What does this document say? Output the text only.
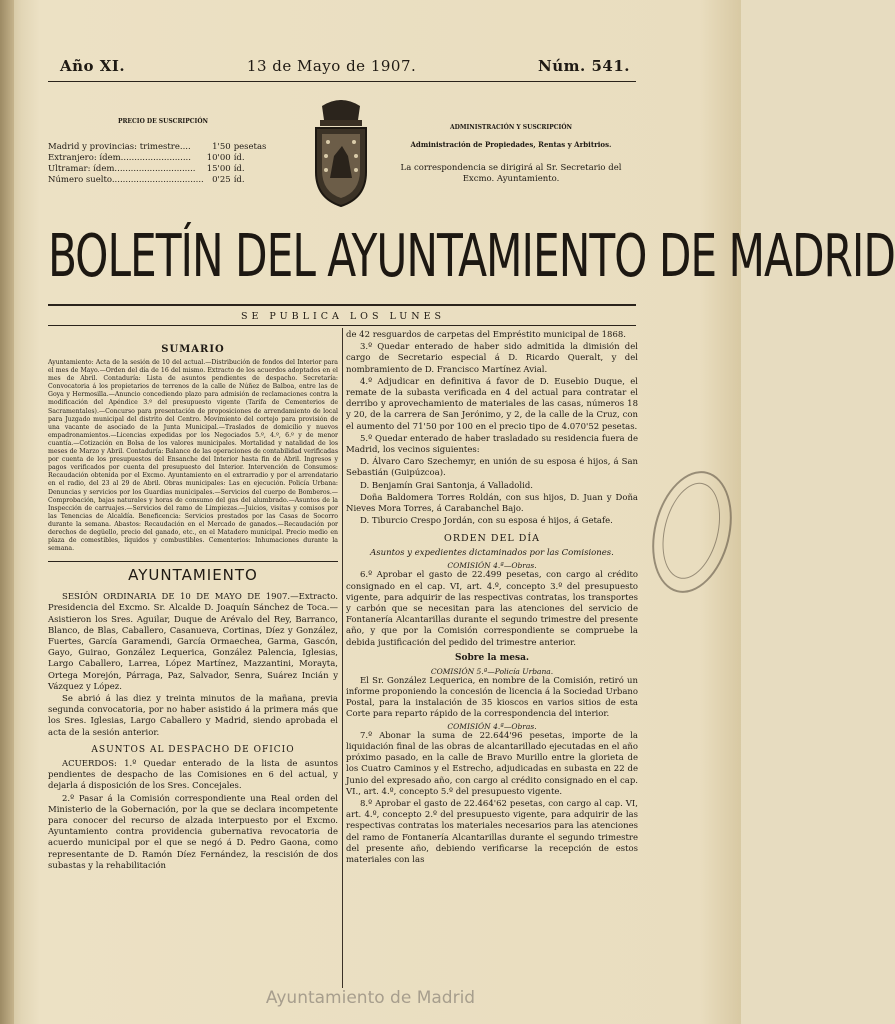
Año XI.	13 de Mayo de 1907.	Núm. 541.
PRECIO DE SUSCRIPCIÓN
Madrid y provincias: trimestre....	1'50	pesetas
Extranjero: ídem..........................	10'00	íd.
Ultramar: ídem..............................	15'00	íd.
Número suelto..................................	0'25	íd.
ADMINISTRACIÓN Y SUSCRIPCIÓN
Administración de Propiedades, Rentas y Arbitrios.
La correspondencia se dirigirá al Sr. Secretario del Excmo. Ayuntamiento.
BOLETÍN DEL AYUNTAMIENTO DE MADRID
SE PUBLICA LOS LUNES
SUMARIO

Ayuntamiento: Acta de la sesión de 10 del actual.—Distribución de fondos del Interior para el mes de Mayo.—Orden del día de 16 del mismo. Extracto de los acuerdos adoptados en el mes de Abril. Contaduría: Lista de asuntos pendientes de despacho. Secretaría: Convocatoria á los propietarios de terrenos de la calle de Núñez de Balboa, entre las de Goya y Hermosilla.—Anuncio concediendo plazo para admisión de reclamaciones contra la modificación del Apéndice 3.º del presupuesto vigente (Tarifa de Cementerios de Sacramentales).—Concurso para presentación de proposiciones de arrendamiento de local para Juzgado municipal del distrito del Centro. Movimiento del cortejo para provisión de una vacante de asociado de la Junta Municipal.—Traslados de domicilio y nuevos empadronamientos.—Licencias expedidas por los Negociados 5.º, 4.º, 6.º y de menor cuantía.—Cotización en Bolsa de los valores municipales. Mortalidad y natalidad de los meses de Marzo y Abril. Contaduría: Balance de las operaciones de contabilidad verificadas por cuenta de los presupuestos del Ensanche del Interior hasta fin de Abril. Ingresos y pagos verificados por cuenta del presupuesto del Interior. Intervención de Consumos: Recaudación obtenida por el Excmo. Ayuntamiento en el extrarradio y por el arrendatario en el radio, del 23 al 29 de Abril. Obras municipales: Las en ejecución. Policía Urbana: Denuncias y servicios por los Guardias municipales.—Servicios del cuerpo de Bomberos.—Comprobación, bajas naturales y horas de consumo del gas del alumbrado.—Asuntos de la Inspección de carruajes.—Servicios del ramo de Limpiezas.—Juicios, visitas y comisos por las Tenencias de Alcaldía. Beneficencia: Servicios prestados por las Casas de Socorro durante la semana. Abastos: Recaudación en el Mercado de ganados.—Recaudación por derechos de degüello, precio del ganado, etc., en el Matadero municipal. Precio medio en plaza de comestibles, líquidos y combustibles. Cementerios: Inhumaciones durante la semana.

AYUNTAMIENTO

SESIÓN ORDINARIA DE 10 DE MAYO DE 1907.—Extracto. Presidencia del Excmo. Sr. Alcalde D. Joaquín Sánchez de Toca.—Asistieron los Sres. Aguilar, Duque de Arévalo del Rey, Barranco, Blanco, de Blas, Caballero, Casanueva, Cortinas, Díez y González, Fuertes, García Garamendi, García Ormaechea, Garma, Gascón, Gayo, Guirao, González Lequerica, González Palencia, Iglesias, Largo Caballero, Larrea, López Martínez, Mazzantini, Morayta, Ortega Morejón, Párraga, Paz, Salvador, Senra, Suárez Incián y Vázquez y López.

Se abrió á las diez y treinta minutos de la mañana, previa segunda convocatoria, por no haber asistido á la primera más que los Sres. Iglesias, Largo Caballero y Madrid, siendo aprobada el acta de la sesión anterior.

ASUNTOS AL DESPACHO DE OFICIO

ACUERDOS: 1.º Quedar enterado de la lista de asuntos pendientes de despacho de las Comisiones en 6 del actual, y dejarla á disposición de los Sres. Concejales.

2.º Pasar á la Comisión correspondiente una Real orden del Ministerio de la Gobernación, por la que se declara incompetente para conocer del recurso de alzada interpuesto por el Excmo. Ayuntamiento contra providencia gubernativa revocatoria de acuerdo municipal por el que se negó á D. Pedro Gaona, como representante de D. Ramón Díez Fernández, la rescisión de dos subastas y la rehabilitación

de 42 resguardos de carpetas del Empréstito municipal de 1868.

3.º Quedar enterado de haber sido admitida la dimisión del cargo de Secretario especial á D. Ricardo Queralt, y del nombramiento de D. Francisco Martínez Avial.

4.º Adjudicar en definitiva á favor de D. Eusebio Duque, el remate de la subasta verificada en 4 del actual para contratar el derribo y aprovechamiento de materiales de las casas, números 18 y 20, de la carrera de San Jerónimo, y 2, de la calle de la Cruz, con el aumento del 71'50 por 100 en el precio tipo de 4.070'52 pesetas.

5.º Quedar enterado de haber trasladado su residencia fuera de Madrid, los vecinos siguientes:

D. Álvaro Caro Szechemyr, en unión de su esposa é hijos, á San Sebastián (Guipúzcoa).

D. Benjamín Grai Santonja, á Valladolid.

Doña Baldomera Torres Roldán, con sus hijos, D. Juan y Doña Nieves Mora Torres, á Carabanchel Bajo.

D. Tiburcio Crespo Jordán, con su esposa é hijos, á Getafe.

ORDEN DEL DÍA
Asuntos y expedientes dictaminados por las Comisiones.
COMISIÓN 4.ª—Obras.

6.º Aprobar el gasto de 22.499 pesetas, con cargo al crédito consignado en el cap. VI, art. 4.º, concepto 3.º del presupuesto vigente, para adquirir de las respectivas contratas, los transportes y carbón que se necesitan para las atenciones del servicio de Fontanería Alcantarillas durante el segundo trimestre del presente año, y que por la Comisión correspondiente se compruebe la debida justificación del pedido del trimestre anterior.

Sobre la mesa.
COMISIÓN 5.ª—Policía Urbana.

El Sr. González Lequerica, en nombre de la Comisión, retiró un informe proponiendo la concesión de licencia á la Sociedad Urbano Postal, para la instalación de 35 kioscos en varios sitios de esta Corte para reparto rápido de la correspondencia del interior.

COMISIÓN 4.ª—Obras.

7.º Abonar la suma de 22.644'96 pesetas, importe de la liquidación final de las obras de alcantarillado ejecutadas en el año próximo pasado, en la calle de Bravo Murillo entre la glorieta de los Cuatro Caminos y el Estrecho, adjudicadas en subasta en 22 de Junio del expresado año, con cargo al crédito consignado en el cap. VI., art. 4.º, concepto 5.º del presupuesto vigente.

8.º Aprobar el gasto de 22.464'62 pesetas, con cargo al cap. VI, art. 4.º, concepto 2.º del presupuesto vigente, para adquirir de las respectivas contratas los materiales necesarios para las atenciones del ramo de Fontanería Alcantarillas durante el segundo trimestre del presente año, debiendo verificarse la recepción de estos materiales con las

Ayuntamiento de Madrid
